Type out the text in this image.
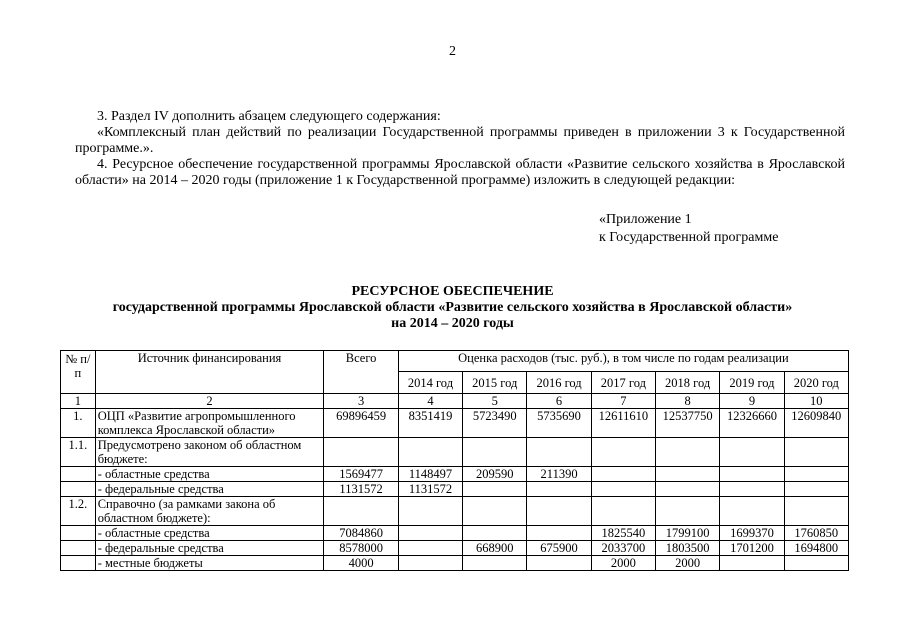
2
3. Раздел IV дополнить абзацем следующего содержания:
«Комплексный план действий по реализации Государственной программы приведен в приложении 3 к Государственной программе.».
4. Ресурсное обеспечение государственной программы Ярославской области «Развитие сельского хозяйства в Ярославской области» на 2014 – 2020 годы (приложение 1 к Государственной программе) изложить в следующей редакции:
«Приложение 1
к Государственной программе
РЕСУРСНОЕ ОБЕСПЕЧЕНИЕ
государственной программы Ярославской области «Развитие сельского хозяйства в Ярославской области»
на 2014 – 2020 годы
№ п/п	Источник финансирования	Всего	Оценка расходов (тыс. руб.), в том числе по годам реализации						
			2014 год	2015 год	2016 год	2017 год	2018 год	2019 год	2020 год
1	2	3	4	5	6	7	8	9	10
1.	ОЦП «Развитие агропромышленного комплекса Ярославской области»	69896459	8351419	5723490	5735690	12611610	12537750	12326660	12609840
1.1.	Предусмотрено законом об областном бюджете:								
	- областные средства	1569477	1148497	209590	211390				
	- федеральные средства	1131572	1131572						
1.2.	Справочно (за рамками закона об областном бюджете):								
	- областные средства	7084860				1825540	1799100	1699370	1760850
	- федеральные средства	8578000		668900	675900	2033700	1803500	1701200	1694800
	- местные бюджеты	4000				2000	2000		
